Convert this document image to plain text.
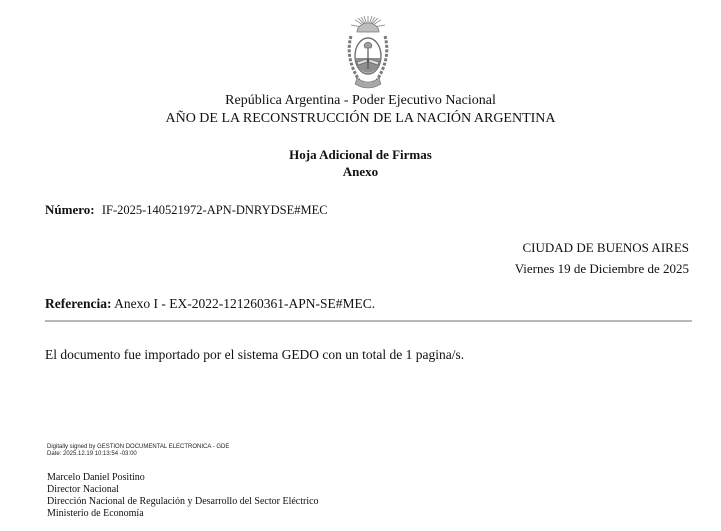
República Argentina - Poder Ejecutivo Nacional
AÑO DE LA RECONSTRUCCIÓN DE LA NACIÓN ARGENTINA
Hoja Adicional de Firmas
Anexo
Número: IF-2025-140521972-APN-DNRYDSE#MEC
CIUDAD DE BUENOS AIRES
Viernes 19 de Diciembre de 2025
Referencia: Anexo I - EX-2022-121260361-APN-SE#MEC.
El documento fue importado por el sistema GEDO con un total de 1 pagina/s.
Digitally signed by GESTION DOCUMENTAL ELECTRONICA - GDE
Date: 2025.12.19 10:13:54 -03:00
Marcelo Daniel Positino
Director Nacional
Dirección Nacional de Regulación y Desarrollo del Sector Eléctrico
Ministerio de Economía
